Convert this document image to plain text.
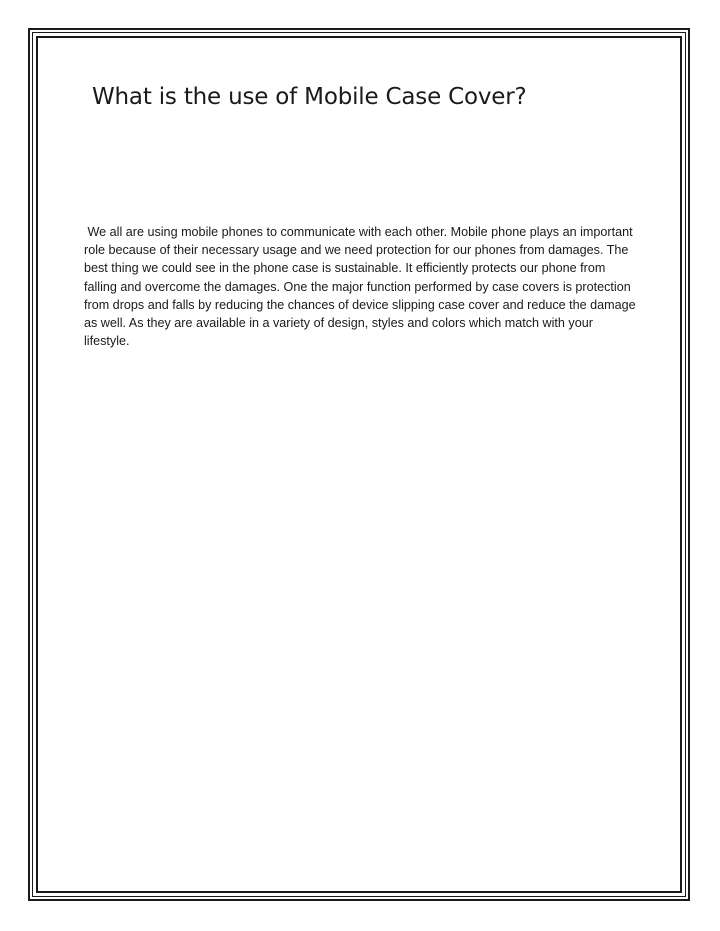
What is the use of Mobile Case Cover?

We all are using mobile phones to communicate with each other. Mobile phone plays an important role because of their necessary usage and we need protection for our phones from damages. The best thing we could see in the phone case is sustainable. It efficiently protects our phone from falling and overcome the damages. One the major function performed by case covers is protection from drops and falls by reducing the chances of device slipping case cover and reduce the damage as well. As they are available in a variety of design, styles and colors which match with your lifestyle.
